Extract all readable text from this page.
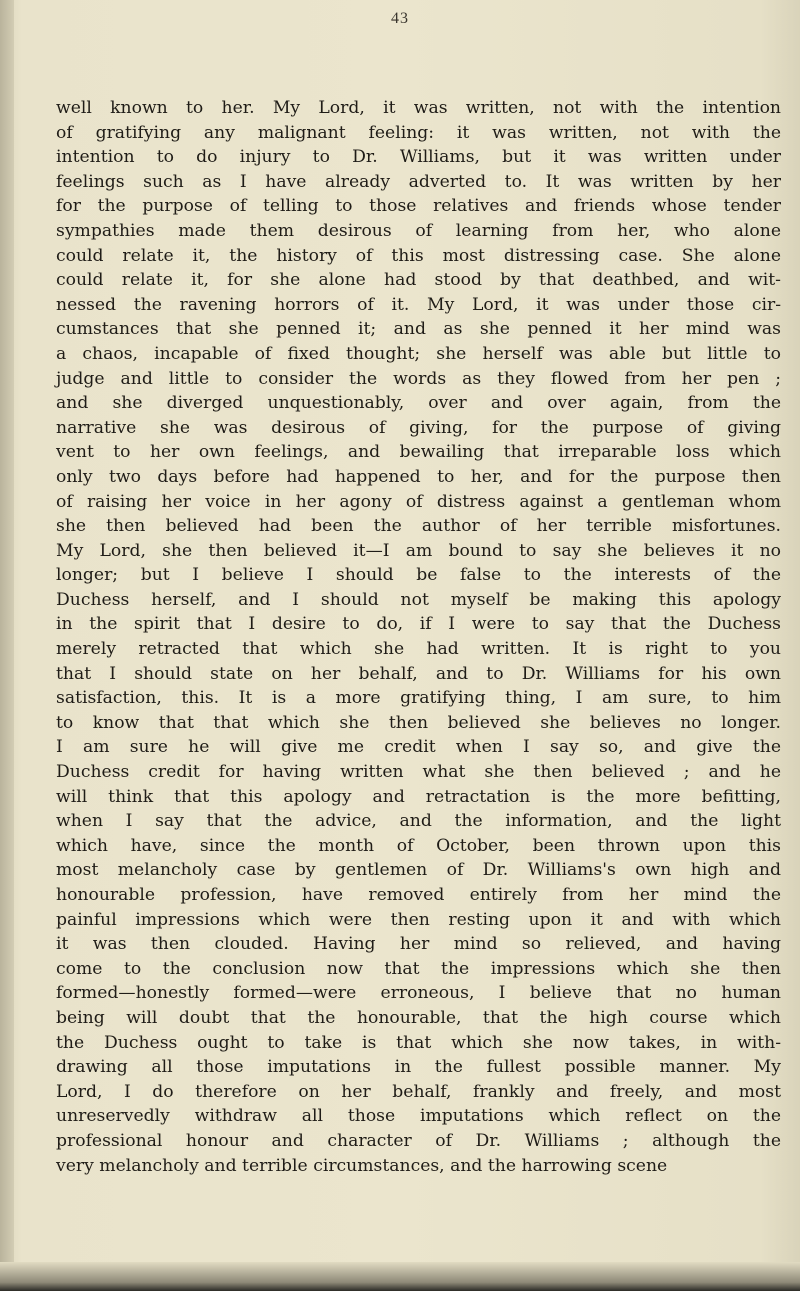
43
well known to her. My Lord, it was written, not with the intention
of gratifying any malignant feeling: it was written, not with the
intention to do injury to Dr. Williams, but it was written under
feelings such as I have already adverted to. It was written by her
for the purpose of telling to those relatives and friends whose tender
sympathies made them desirous of learning from her, who alone
could relate it, the history of this most distressing case. She alone
could relate it, for she alone had stood by that deathbed, and wit-
nessed the ravening horrors of it. My Lord, it was under those cir-
cumstances that she penned it; and as she penned it her mind was
a chaos, incapable of fixed thought; she herself was able but little to
judge and little to consider the words as they flowed from her pen ;
and she diverged unquestionably, over and over again, from the
narrative she was desirous of giving, for the purpose of giving
vent to her own feelings, and bewailing that irreparable loss which
only two days before had happened to her, and for the purpose then
of raising her voice in her agony of distress against a gentleman whom
she then believed had been the author of her terrible misfortunes.
My Lord, she then believed it—I am bound to say she believes it no
longer; but I believe I should be false to the interests of the
Duchess herself, and I should not myself be making this apology
in the spirit that I desire to do, if I were to say that the Duchess
merely retracted that which she had written. It is right to you
that I should state on her behalf, and to Dr. Williams for his own
satisfaction, this. It is a more gratifying thing, I am sure, to him
to know that that which she then believed she believes no longer.
I am sure he will give me credit when I say so, and give the
Duchess credit for having written what she then believed ; and he
will think that this apology and retractation is the more befitting,
when I say that the advice, and the information, and the light
which have, since the month of October, been thrown upon this
most melancholy case by gentlemen of Dr. Williams's own high and
honourable profession, have removed entirely from her mind the
painful impressions which were then resting upon it and with which
it was then clouded. Having her mind so relieved, and having
come to the conclusion now that the impressions which she then
formed—honestly formed—were erroneous, I believe that no human
being will doubt that the honourable, that the high course which
the Duchess ought to take is that which she now takes, in with-
drawing all those imputations in the fullest possible manner. My
Lord, I do therefore on her behalf, frankly and freely, and most
unreservedly withdraw all those imputations which reflect on the
professional honour and character of Dr. Williams ; although the
very melancholy and terrible circumstances, and the harrowing scene
